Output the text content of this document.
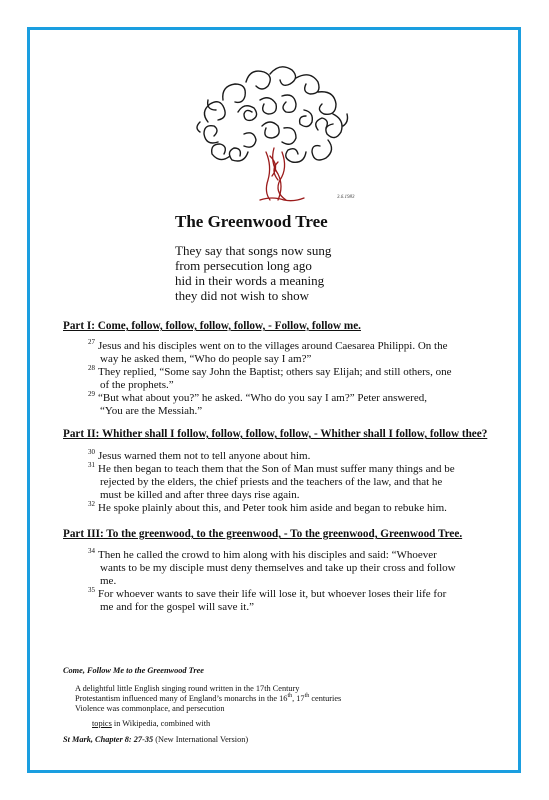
3.6.1983
The Greenwood Tree
They say that songs now sung
from persecution long ago
hid in their words a meaning
they did not wish to show
Part I: Come, follow, follow, follow, follow, - Follow, follow me.
$^{27}$ Jesus and his disciples went on to the villages around Caesarea Philippi. On the
way he asked them, “Who do people say I am?”
$^{28}$ They replied, “Some say John the Baptist; others say Elijah; and still others, one
of the prophets.”
$^{29}$ “But what about you?” he asked. “Who do you say I am?” Peter answered,
“You are the Messiah.”
Part II: Whither shall I follow, follow, follow, follow, - Whither shall I follow, follow thee?
$^{30}$ Jesus warned them not to tell anyone about him.
$^{31}$ He then began to teach them that the Son of Man must suffer many things and be
rejected by the elders, the chief priests and the teachers of the law, and that he
must be killed and after three days rise again.
$^{32}$ He spoke plainly about this, and Peter took him aside and began to rebuke him.
Part III: To the greenwood, to the greenwood, - To the greenwood, Greenwood Tree.
$^{34}$ Then he called the crowd to him along with his disciples and said: “Whoever
wants to be my disciple must deny themselves and take up their cross and follow
me.
$^{35}$ For whoever wants to save their life will lose it, but whoever loses their life for
me and for the gospel will save it.”
Come, Follow Me to the Greenwood Tree
A delightful little English singing round written in the 17th Century
Protestantism influenced many of England’s monarchs in the 16th, 17th centuries
Violence was commonplace, and persecution
topics in Wikipedia, combined with
St Mark, Chapter 8: 27-35 (New International Version)
